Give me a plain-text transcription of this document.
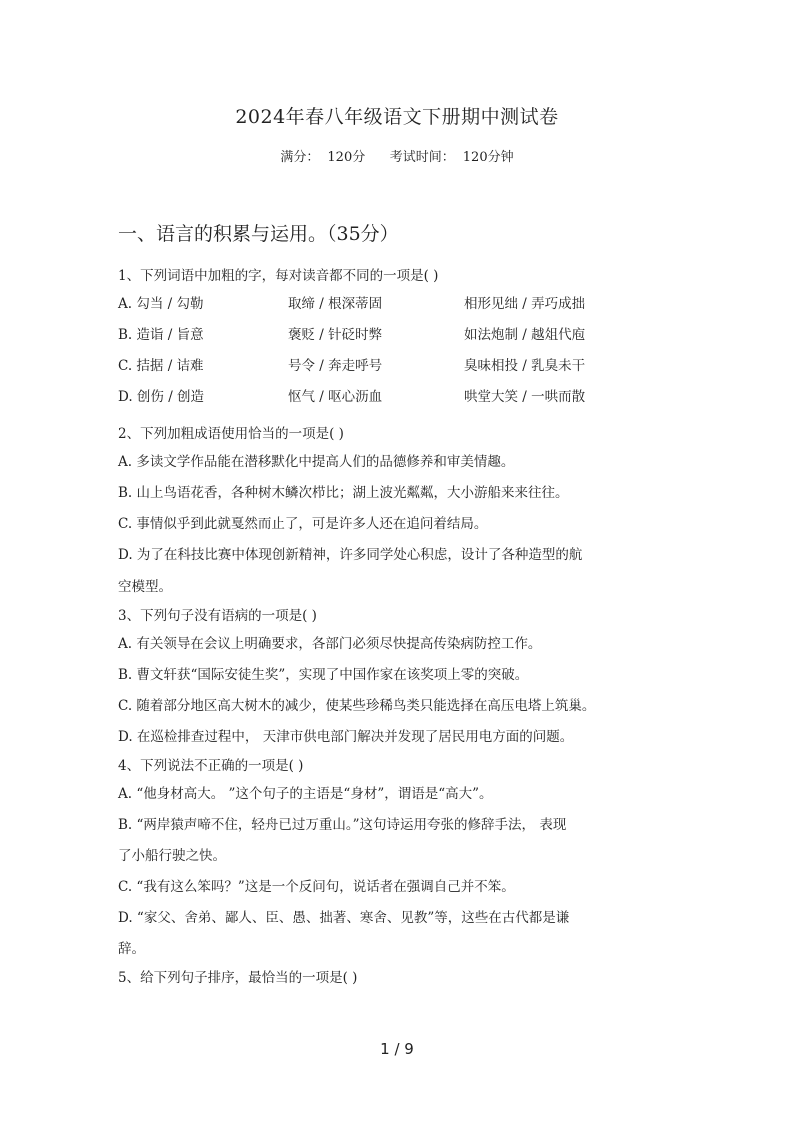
2024年春八年级语文下册期中测试卷
满分： 120分 考试时间： 120分钟
一、语言的积累与运用。（35分）
1、下列词语中加粗的字，每对读音都不同的一项是( )
A. 勾当 / 勾勒	取缔 / 根深蒂固	相形见绌 / 弄巧成拙
B. 造诣 / 旨意	褒贬 / 针砭时弊	如法炮制 / 越俎代庖
C. 拮据 / 诘难	号令 / 奔走呼号	臭味相投 / 乳臭未干
D. 创伤 / 创造	怄气 / 呕心沥血	哄堂大笑 / 一哄而散
2、下列加粗成语使用恰当的一项是( )
A. 多读文学作品能在潜移默化中提高人们的品德修养和审美情趣。
B. 山上鸟语花香，各种树木鳞次栉比；湖上波光粼粼，大小游船来来往往。
C. 事情似乎到此就戛然而止了，可是许多人还在追问着结局。
D. 为了在科技比赛中体现创新精神，许多同学处心积虑，设计了各种造型的航
空模型。
3、下列句子没有语病的一项是( )
A. 有关领导在会议上明确要求，各部门必须尽快提高传染病防控工作。
B. 曹文轩获“国际安徒生奖”，实现了中国作家在该奖项上零的突破。
C. 随着部分地区高大树木的减少，使某些珍稀鸟类只能选择在高压电塔上筑巢。
D. 在巡检排查过程中， 天津市供电部门解决并发现了居民用电方面的问题。
4、下列说法不正确的一项是( )
A. “他身材高大。 ”这个句子的主语是“身材”，谓语是“高大”。
B. “两岸猿声啼不住，轻舟已过万重山。”这句诗运用夸张的修辞手法， 表现
了小船行驶之快。
C. “我有这么笨吗？”这是一个反问句，说话者在强调自己并不笨。
D. “家父、舍弟、鄙人、臣、愚、拙著、寒舍、见教”等，这些在古代都是谦
辞。
5、给下列句子排序，最恰当的一项是( )
1 / 9
